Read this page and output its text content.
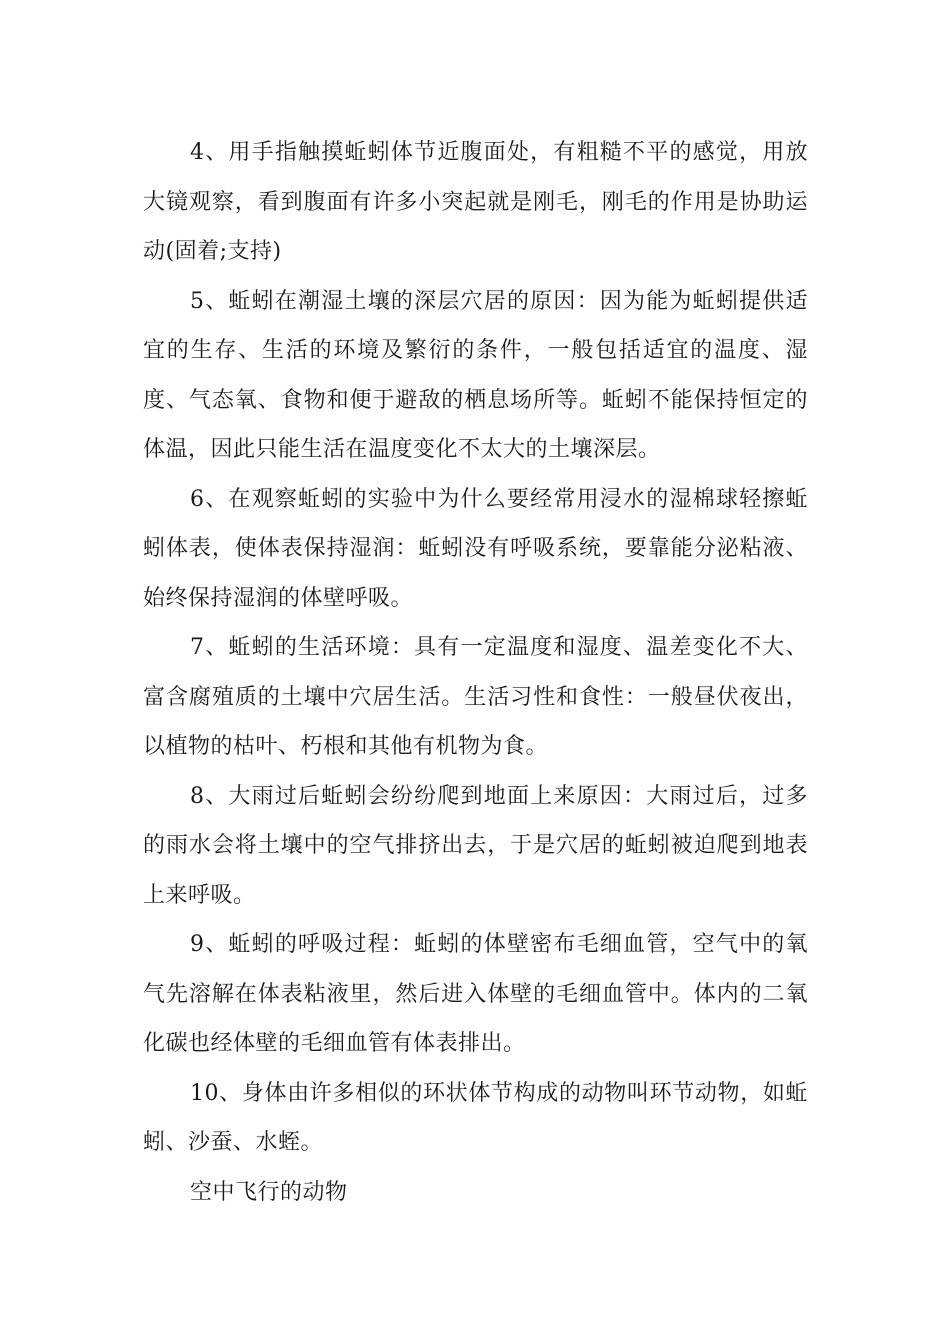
4、用手指触摸蚯蚓体节近腹面处，有粗糙不平的感觉，用放大镜观察，看到腹面有许多小突起就是刚毛，刚毛的作用是协助运动(固着;支持)

5、蚯蚓在潮湿土壤的深层穴居的原因：因为能为蚯蚓提供适宜的生存、生活的环境及繁衍的条件，一般包括适宜的温度、湿度、气态氧、食物和便于避敌的栖息场所等。蚯蚓不能保持恒定的体温，因此只能生活在温度变化不太大的土壤深层。

6、在观察蚯蚓的实验中为什么要经常用浸水的湿棉球轻擦蚯蚓体表，使体表保持湿润：蚯蚓没有呼吸系统，要靠能分泌粘液、始终保持湿润的体壁呼吸。

7、蚯蚓的生活环境：具有一定温度和湿度、温差变化不大、富含腐殖质的土壤中穴居生活。生活习性和食性：一般昼伏夜出，以植物的枯叶、朽根和其他有机物为食。

8、大雨过后蚯蚓会纷纷爬到地面上来原因：大雨过后，过多的雨水会将土壤中的空气排挤出去，于是穴居的蚯蚓被迫爬到地表上来呼吸。

9、蚯蚓的呼吸过程：蚯蚓的体壁密布毛细血管，空气中的氧气先溶解在体表粘液里，然后进入体壁的毛细血管中。体内的二氧化碳也经体壁的毛细血管有体表排出。

10、身体由许多相似的环状体节构成的动物叫环节动物，如蚯蚓、沙蚕、水蛭。

空中飞行的动物
